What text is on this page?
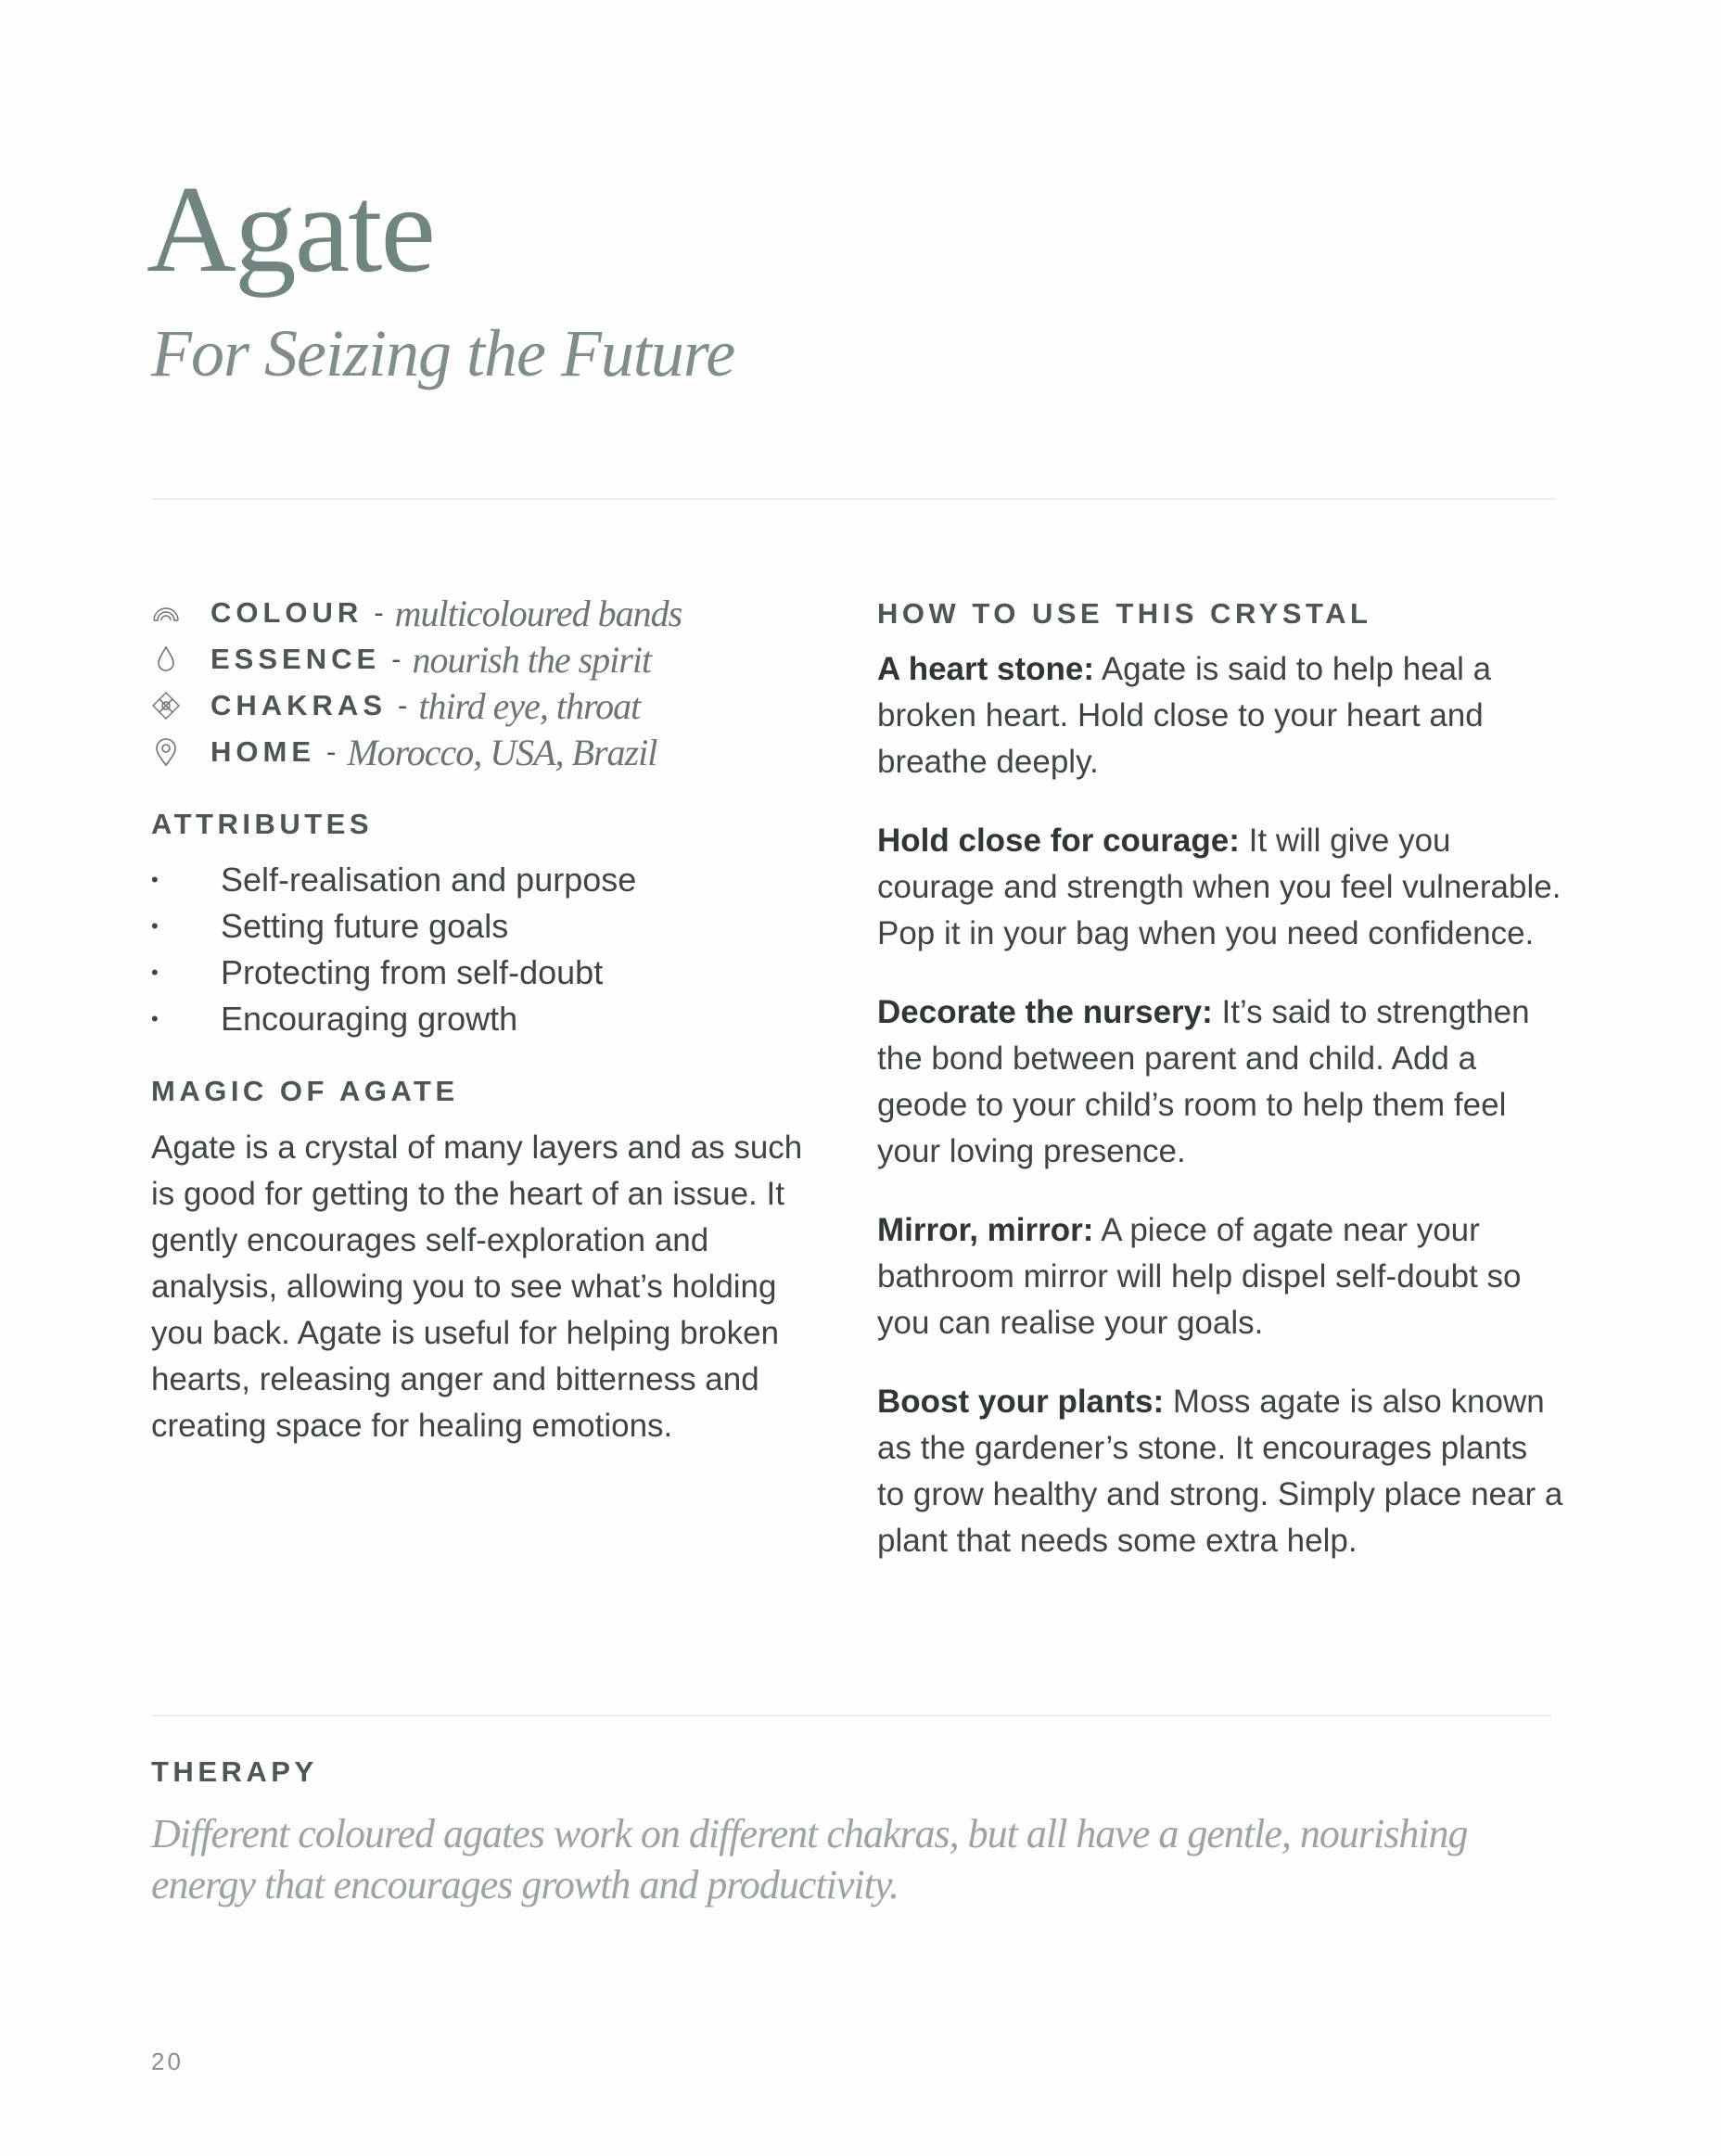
Agate
For Seizing the Future
COLOUR - multicoloured bands
ESSENCE - nourish the spirit
CHAKRAS - third eye, throat
HOME - Morocco, USA, Brazil
ATTRIBUTES
•	Self-realisation and purpose
•	Setting future goals
•	Protecting from self-doubt
•	Encouraging growth
MAGIC OF AGATE
Agate is a crystal of many layers and as such is good for getting to the heart of an issue. It gently encourages self-exploration and analysis, allowing you to see what’s holding you back. Agate is useful for helping broken hearts, releasing anger and bitterness and creating space for healing emotions.
HOW TO USE THIS CRYSTAL
A heart stone: Agate is said to help heal a broken heart. Hold close to your heart and breathe deeply.
Hold close for courage: It will give you courage and strength when you feel vulnerable. Pop it in your bag when you need confidence.
Decorate the nursery: It’s said to strengthen the bond between parent and child. Add a geode to your child’s room to help them feel your loving presence.
Mirror, mirror: A piece of agate near your bathroom mirror will help dispel self-doubt so you can realise your goals.
Boost your plants: Moss agate is also known as the gardener’s stone. It encourages plants to grow healthy and strong. Simply place near a plant that needs some extra help.
THERAPY
Different coloured agates work on different chakras, but all have a gentle, nourishing energy that encourages growth and productivity.
20
